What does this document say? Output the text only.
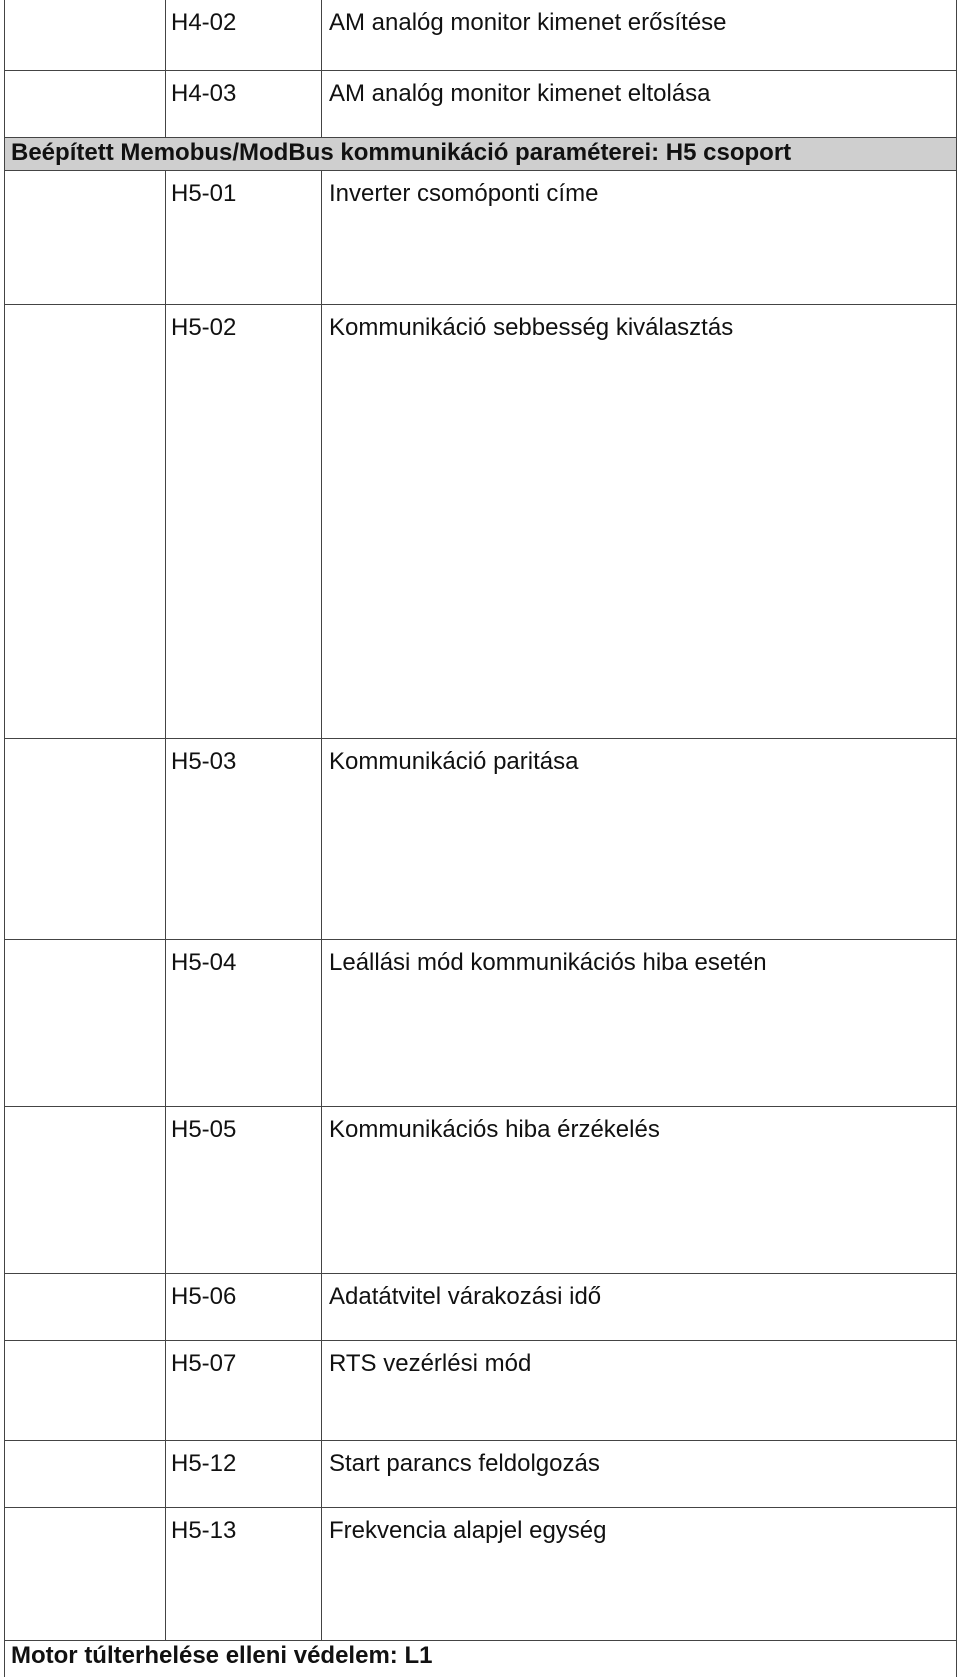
H4-02	AM analóg monitor kimenet erősítése
H4-03	AM analóg monitor kimenet eltolása
Beépített Memobus/ModBus kommunikáció paraméterei: H5 csoport
H5-01	Inverter csomóponti címe
H5-02	Kommunikáció sebbesség kiválasztás
H5-03	Kommunikáció paritása
H5-04	Leállási mód kommunikációs hiba esetén
H5-05	Kommunikációs hiba érzékelés
H5-06	Adatátvitel várakozási idő
H5-07	RTS vezérlési mód
H5-12	Start parancs feldolgozás
H5-13	Frekvencia alapjel egység
Motor túlterhelése elleni védelem: L1
